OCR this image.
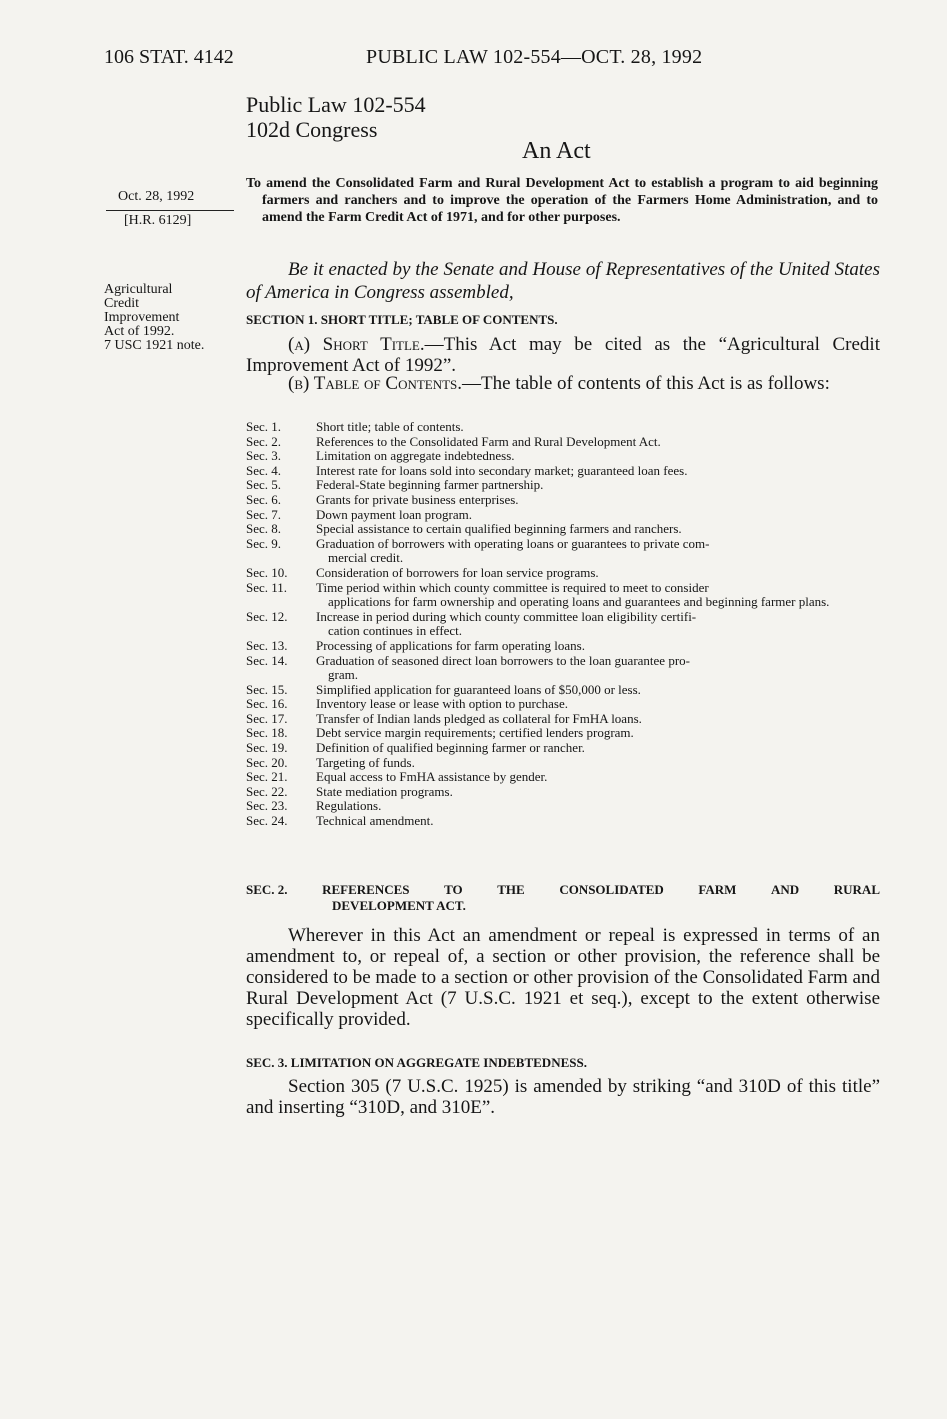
106 STAT. 4142	PUBLIC LAW 102-554—OCT. 28, 1992
Public Law 102-554
102d Congress
An Act
Oct. 28, 1992
[H.R. 6129]
Agricultural
Credit
Improvement
Act of 1992.
7 USC 1921 note.
To amend the Consolidated Farm and Rural Development Act to establish a program to aid beginning farmers and ranchers and to improve the operation of the Farmers Home Administration, and to amend the Farm Credit Act of 1971, and for other purposes.
Be it enacted by the Senate and House of Representatives of the United States of America in Congress assembled,
SECTION 1. SHORT TITLE; TABLE OF CONTENTS.
(a) Short Title.—This Act may be cited as the “Agricultural Credit Improvement Act of 1992”.
(b) Table of Contents.—The table of contents of this Act is as follows:
Sec. 1.	Short title; table of contents.
Sec. 2.	References to the Consolidated Farm and Rural Development Act.
Sec. 3.	Limitation on aggregate indebtedness.
Sec. 4.	Interest rate for loans sold into secondary market; guaranteed loan fees.
Sec. 5.	Federal-State beginning farmer partnership.
Sec. 6.	Grants for private business enterprises.
Sec. 7.	Down payment loan program.
Sec. 8.	Special assistance to certain qualified beginning farmers and ranchers.
Sec. 9.	Graduation of borrowers with operating loans or guarantees to private com-
mercial credit.
Sec. 10.	Consideration of borrowers for loan service programs.
Sec. 11.	Time period within which county committee is required to meet to consider
applications for farm ownership and operating loans and guarantees and beginning farmer plans.
Sec. 12.	Increase in period during which county committee loan eligibility certifi-
cation continues in effect.
Sec. 13.	Processing of applications for farm operating loans.
Sec. 14.	Graduation of seasoned direct loan borrowers to the loan guarantee pro-
gram.
Sec. 15.	Simplified application for guaranteed loans of $50,000 or less.
Sec. 16.	Inventory lease or lease with option to purchase.
Sec. 17.	Transfer of Indian lands pledged as collateral for FmHA loans.
Sec. 18.	Debt service margin requirements; certified lenders program.
Sec. 19.	Definition of qualified beginning farmer or rancher.
Sec. 20.	Targeting of funds.
Sec. 21.	Equal access to FmHA assistance by gender.
Sec. 22.	State mediation programs.
Sec. 23.	Regulations.
Sec. 24.	Technical amendment.
SEC. 2.	REFERENCES	TO	THE	CONSOLIDATED	FARM	AND	RURAL
DEVELOPMENT ACT.
Wherever in this Act an amendment or repeal is expressed in terms of an amendment to, or repeal of, a section or other provision, the reference shall be considered to be made to a section or other provision of the Consolidated Farm and Rural Development Act (7 U.S.C. 1921 et seq.), except to the extent otherwise specifically provided.
SEC. 3. LIMITATION ON AGGREGATE INDEBTEDNESS.
Section 305 (7 U.S.C. 1925) is amended by striking “and 310D of this title” and inserting “310D, and 310E”.
